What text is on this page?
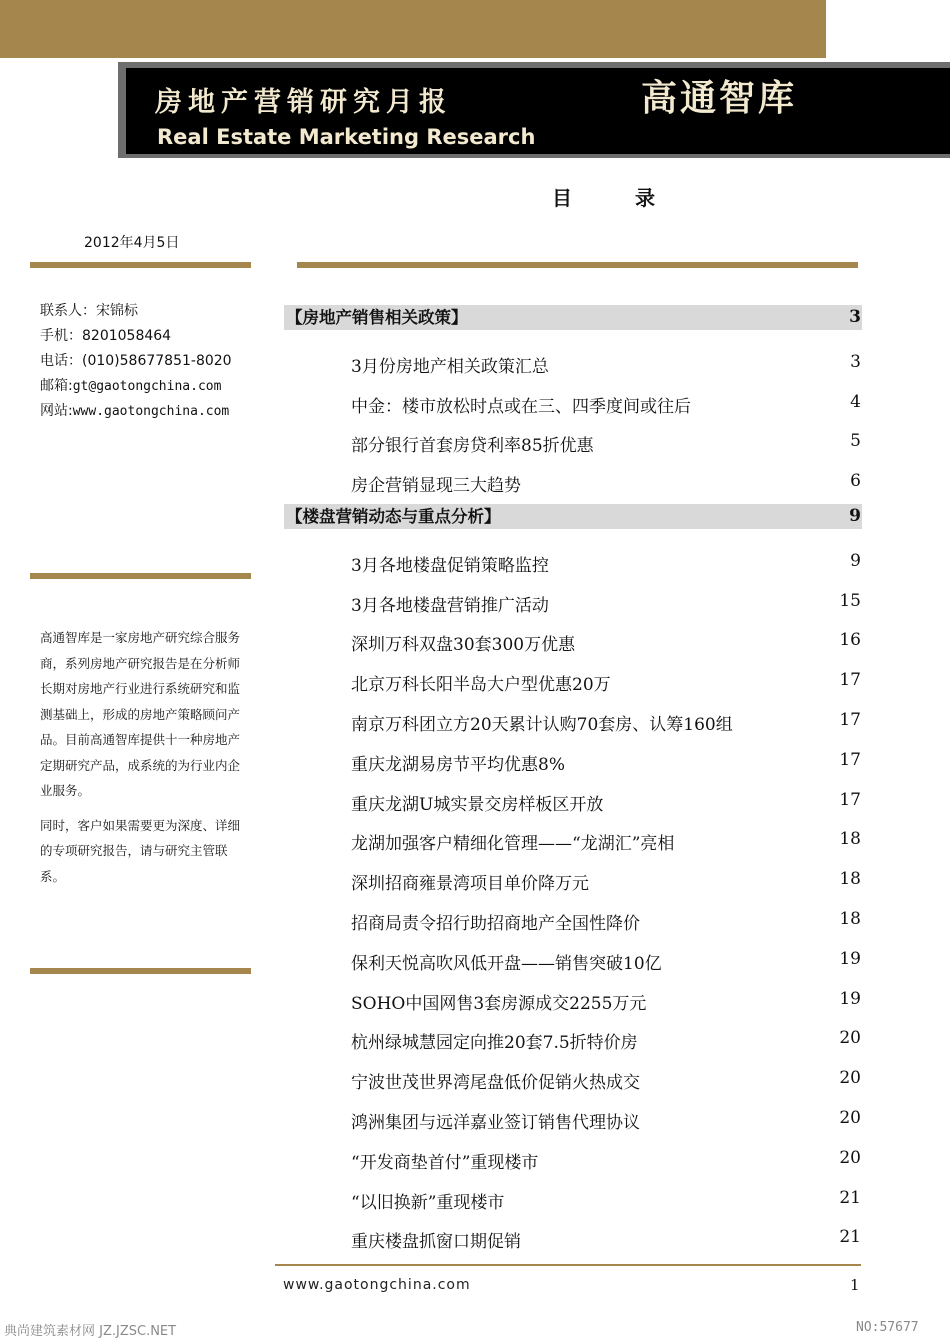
房地产营销研究月报	高通智库
Real Estate Marketing Research
目 录
2012年4月5日
联系人：宋锦标
手机：8201058464
电话：(010)58677851-8020
邮箱:gt@gaotongchina.com
网站:www.gaotongchina.com

高通智库是一家房地产研究综合服务商，系列房地产研究报告是在分析师长期对房地产行业进行系统研究和监测基础上，形成的房地产策略顾问产品。目前高通智库提供十一种房地产定期研究产品，成系统的为行业内企业服务。

同时，客户如果需要更为深度、详细的专项研究报告，请与研究主管联系。

【房地产销售相关政策】	3
3月份房地产相关政策汇总	3
中金：楼市放松时点或在三、四季度间或往后	4
部分银行首套房贷利率85折优惠	5
房企营销显现三大趋势	6
【楼盘营销动态与重点分析】	9
3月各地楼盘促销策略监控	9
3月各地楼盘营销推广活动	15
深圳万科双盘30套300万优惠	16
北京万科长阳半岛大户型优惠20万	17
南京万科团立方20天累计认购70套房、认筹160组	17
重庆龙湖易房节平均优惠8%	17
重庆龙湖U城实景交房样板区开放	17
龙湖加强客户精细化管理——“龙湖汇”亮相	18
深圳招商雍景湾项目单价降万元	18
招商局责令招行助招商地产全国性降价	18
保利天悦高吹风低开盘——销售突破10亿	19
SOHO中国网售3套房源成交2255万元	19
杭州绿城慧园定向推20套7.5折特价房	20
宁波世茂世界湾尾盘低价促销火热成交	20
鸿洲集团与远洋嘉业签订销售代理协议	20
“开发商垫首付”重现楼市	20
“以旧换新”重现楼市	21
重庆楼盘抓窗口期促销	21
www.gaotongchina.com	1
典尚建筑素材网 JZ.JZSC.NET	NO:57677
